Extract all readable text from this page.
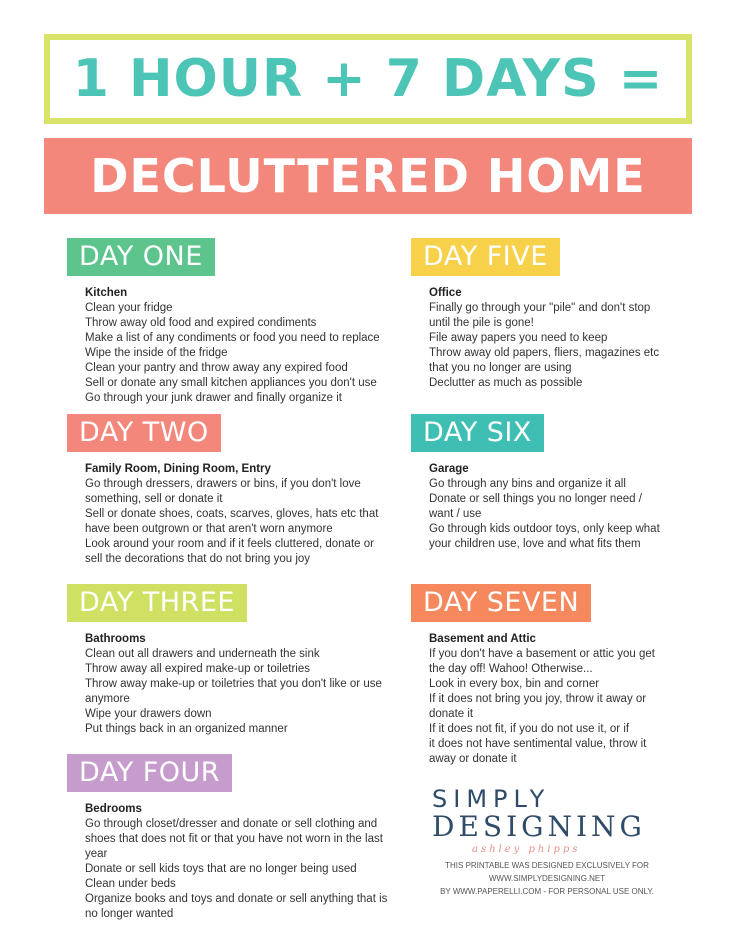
1 HOUR + 7 DAYS =
DECLUTTERED HOME
DAY ONE
Kitchen
Clean your fridge
Throw away old food and expired condiments
Make a list of any condiments or food you need to replace
Wipe the inside of the fridge
Clean your pantry and throw away any expired food
Sell or donate any small kitchen appliances you don't use
Go through your junk drawer and finally organize it
DAY TWO
Family Room, Dining Room, Entry
Go through dressers, drawers or bins, if you don't love
something, sell or donate it
Sell or donate shoes, coats, scarves, gloves, hats etc that
have been outgrown or that aren't worn anymore
Look around your room and if it feels cluttered, donate or
sell the decorations that do not bring you joy
DAY THREE
Bathrooms
Clean out all drawers and underneath the sink
Throw away all expired make-up or toiletries
Throw away make-up or toiletries that you don't like or use
anymore
Wipe your drawers down
Put things back in an organized manner
DAY FOUR
Bedrooms
Go through closet/dresser and donate or sell clothing and
shoes that does not fit or that you have not worn in the last
year
Donate or sell kids toys that are no longer being used
Clean under beds
Organize books and toys and donate or sell anything that is
no longer wanted
DAY FIVE
Office
Finally go through your "pile" and don't stop
until the pile is gone!
File away papers you need to keep
Throw away old papers, fliers, magazines etc
that you no longer are using
Declutter as much as possible
DAY SIX
Garage
Go through any bins and organize it all
Donate or sell things you no longer need /
want / use
Go through kids outdoor toys, only keep what
your children use, love and what fits them
DAY SEVEN
Basement and Attic
If you don't have a basement or attic you get
the day off! Wahoo! Otherwise...
Look in every box, bin and corner
If it does not bring you joy, throw it away or
donate it
If it does not fit, if you do not use it, or if
it does not have sentimental value, throw it
away or donate it
SIMPLY
DESIGNING
ashley phipps
THIS PRINTABLE WAS DESIGNED EXCLUSIVELY FOR
WWW.SIMPLYDESIGNING.NET
BY WWW.PAPERELLI.COM - FOR PERSONAL USE ONLY.
